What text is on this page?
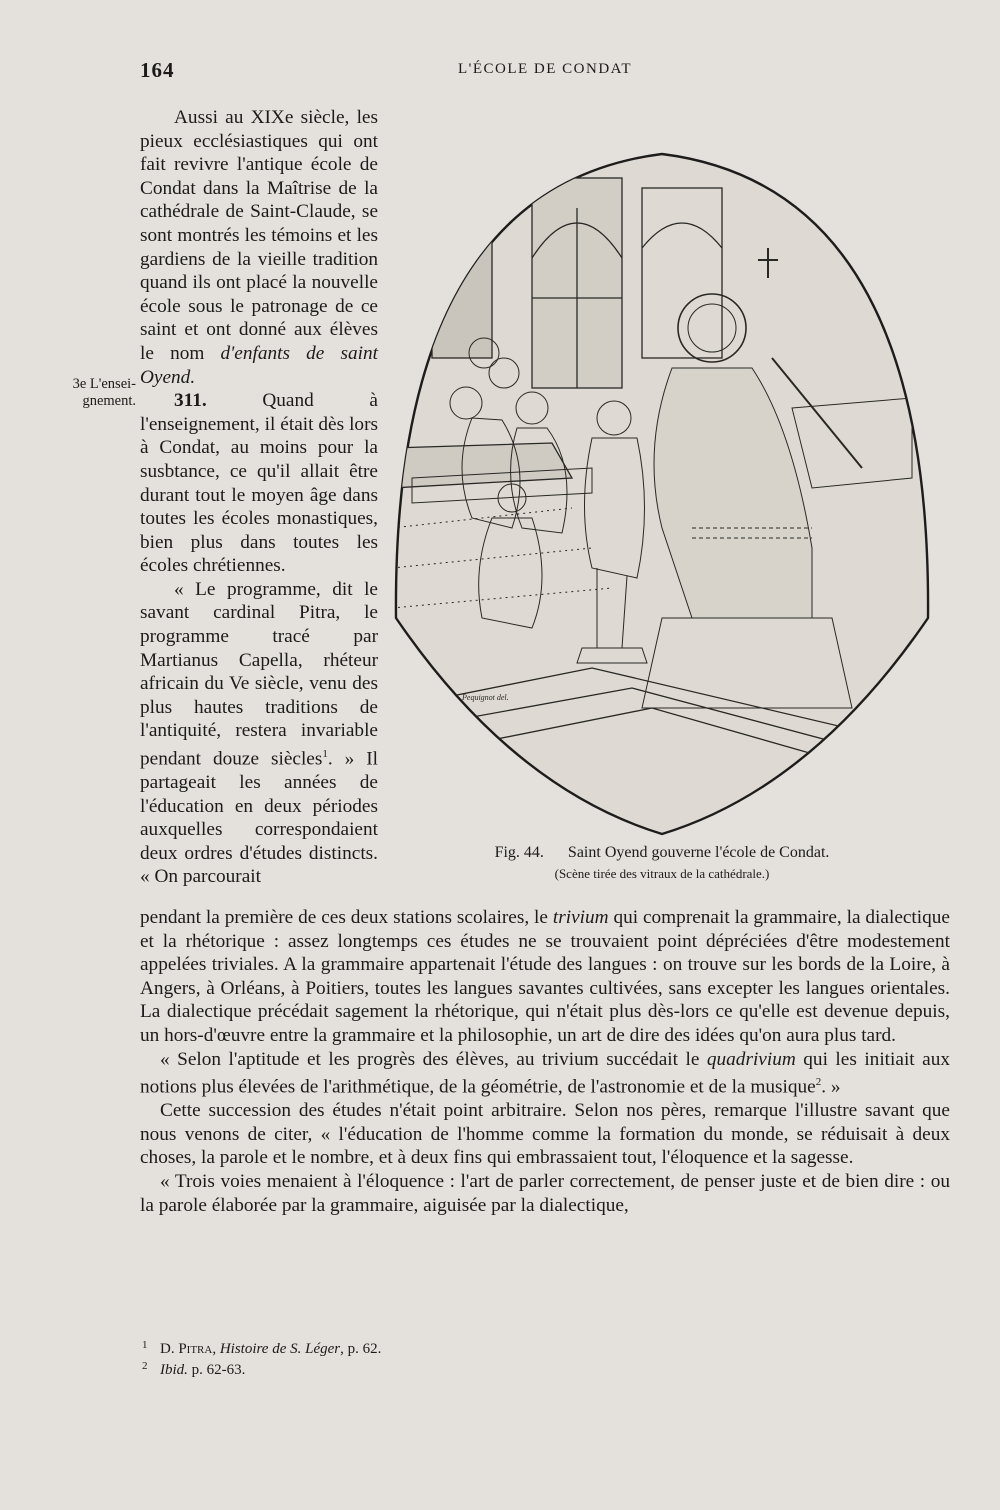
164	L'ÉCOLE DE CONDAT
3e L'ensei-
gnement.

Aussi au XIXe siècle, les pieux ecclésiastiques qui ont fait revivre l'antique école de Condat dans la Maîtrise de la cathédrale de Saint-Claude, se sont montrés les témoins et les gardiens de la vieille tradition quand ils ont placé la nouvelle école sous le patronage de ce saint et ont donné aux élèves le nom d'enfants de saint Oyend.

311.	Quand à l'enseignement, il était dès lors à Condat, au moins pour la susbtance, ce qu'il allait être durant tout le moyen âge dans toutes les écoles monastiques, bien plus dans toutes les écoles chrétiennes.

« Le programme, dit le savant cardinal Pitra, le programme tracé par Martianus Capella, rhéteur africain du Ve siècle, venu des plus hautes traditions de l'antiquité, restera invariable pendant douze siècles$^1$. » Il partageait les années de l'éducation en deux périodes auxquelles correspondaient deux ordres d'études distincts. « On parcourait

Pequignot del.
Fig. 44. Saint Oyend gouverne l'école de Condat.
(Scène tirée des vitraux de la cathédrale.)

pendant la première de ces deux stations scolaires, le trivium qui comprenait la grammaire, la dialectique et la rhétorique : assez longtemps ces études ne se trouvaient point dépréciées d'être modestement appelées triviales. A la grammaire appartenait l'étude des langues : on trouve sur les bords de la Loire, à Angers, à Orléans, à Poitiers, toutes les langues savantes cultivées, sans excepter les langues orientales. La dialectique précédait sagement la rhétorique, qui n'était plus dès-lors ce qu'elle est devenue depuis, un hors-d'œuvre entre la grammaire et la philosophie, un art de dire des idées qu'on aura plus tard.

« Selon l'aptitude et les progrès des élèves, au trivium succédait le quadrivium qui les initiait aux notions plus élevées de l'arithmétique, de la géométrie, de l'astronomie et de la musique$^2$. »

Cette succession des études n'était point arbitraire. Selon nos pères, remarque l'illustre savant que nous venons de citer, « l'éducation de l'homme comme la formation du monde, se réduisait à deux choses, la parole et le nombre, et à deux fins qui embrassaient tout, l'éloquence et la sagesse.

« Trois voies menaient à l'éloquence : l'art de parler correctement, de penser juste et de bien dire : ou la parole élaborée par la grammaire, aiguisée par la dialectique,

1 D. Pitra, Histoire de S. Léger, p. 62.
2 Ibid. p. 62-63.
